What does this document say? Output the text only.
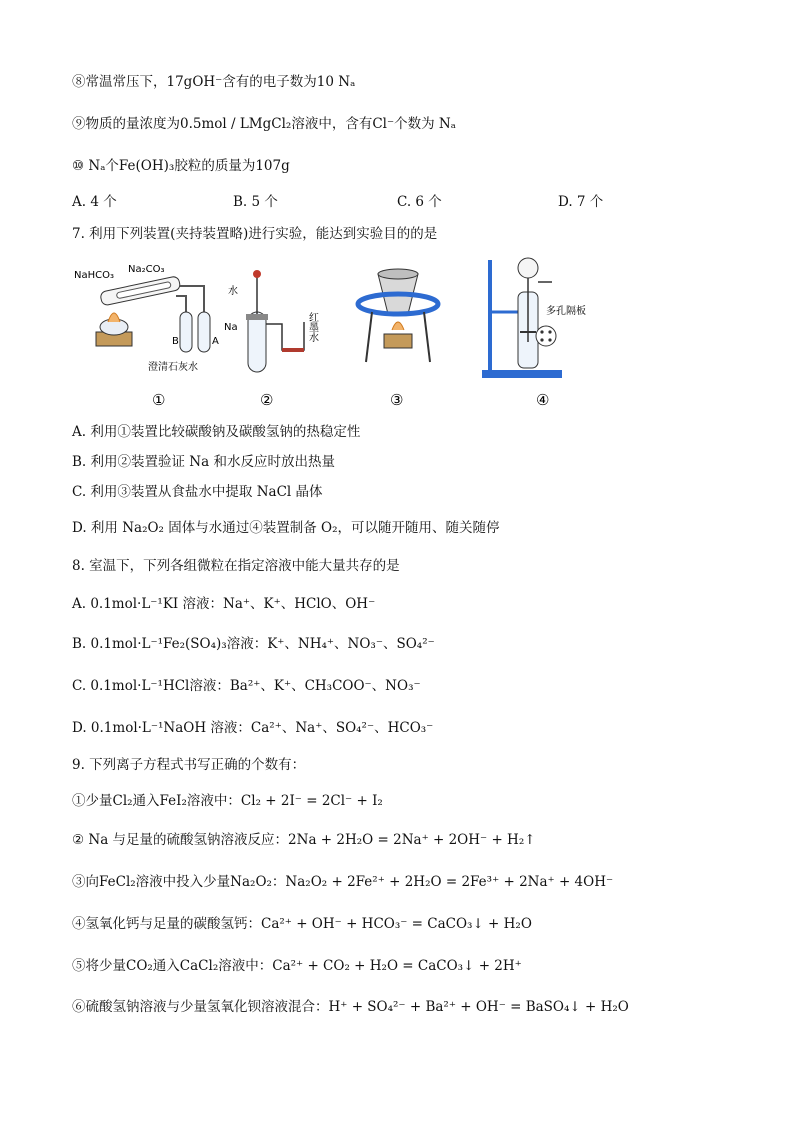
⑧常温常压下，17gOH⁻含有的电子数为10 Nₐ
⑨物质的量浓度为0.5mol / LMgCl₂溶液中，含有Cl⁻个数为 Nₐ
⑩ Nₐ个Fe(OH)₃胶粒的质量为107g
A. 4 个	B. 5 个	C. 6 个	D. 7 个
7. 利用下列装置(夹持装置略)进行实验，能达到实验目的的是
NaHCO₃
Na₂CO₃
B	A
澄清石灰水
①
水
Na	红墨水
②	③
多孔隔板
④
A. 利用①装置比较碳酸钠及碳酸氢钠的热稳定性
B. 利用②装置验证 Na 和水反应时放出热量
C. 利用③装置从食盐水中提取 NaCl 晶体
D. 利用 Na₂O₂ 固体与水通过④装置制备 O₂，可以随开随用、随关随停
8. 室温下，下列各组微粒在指定溶液中能大量共存的是
A. 0.1mol·L⁻¹KI 溶液：Na⁺、K⁺、HClO、OH⁻
B. 0.1mol·L⁻¹Fe₂(SO₄)₃溶液：K⁺、NH₄⁺、NO₃⁻、SO₄²⁻
C. 0.1mol·L⁻¹HCl溶液：Ba²⁺、K⁺、CH₃COO⁻、NO₃⁻
D. 0.1mol·L⁻¹NaOH 溶液：Ca²⁺、Na⁺、SO₄²⁻、HCO₃⁻
9. 下列离子方程式书写正确的个数有：
①少量Cl₂通入FeI₂溶液中：Cl₂ + 2I⁻ = 2Cl⁻ + I₂
② Na 与足量的硫酸氢钠溶液反应：2Na + 2H₂O = 2Na⁺ + 2OH⁻ + H₂↑
③向FeCl₂溶液中投入少量Na₂O₂：Na₂O₂ + 2Fe²⁺ + 2H₂O = 2Fe³⁺ + 2Na⁺ + 4OH⁻
④氢氧化钙与足量的碳酸氢钙：Ca²⁺ + OH⁻ + HCO₃⁻ = CaCO₃↓ + H₂O
⑤将少量CO₂通入CaCl₂溶液中：Ca²⁺ + CO₂ + H₂O = CaCO₃↓ + 2H⁺
⑥硫酸氢钠溶液与少量氢氧化钡溶液混合：H⁺ + SO₄²⁻ + Ba²⁺ + OH⁻ = BaSO₄↓ + H₂O
